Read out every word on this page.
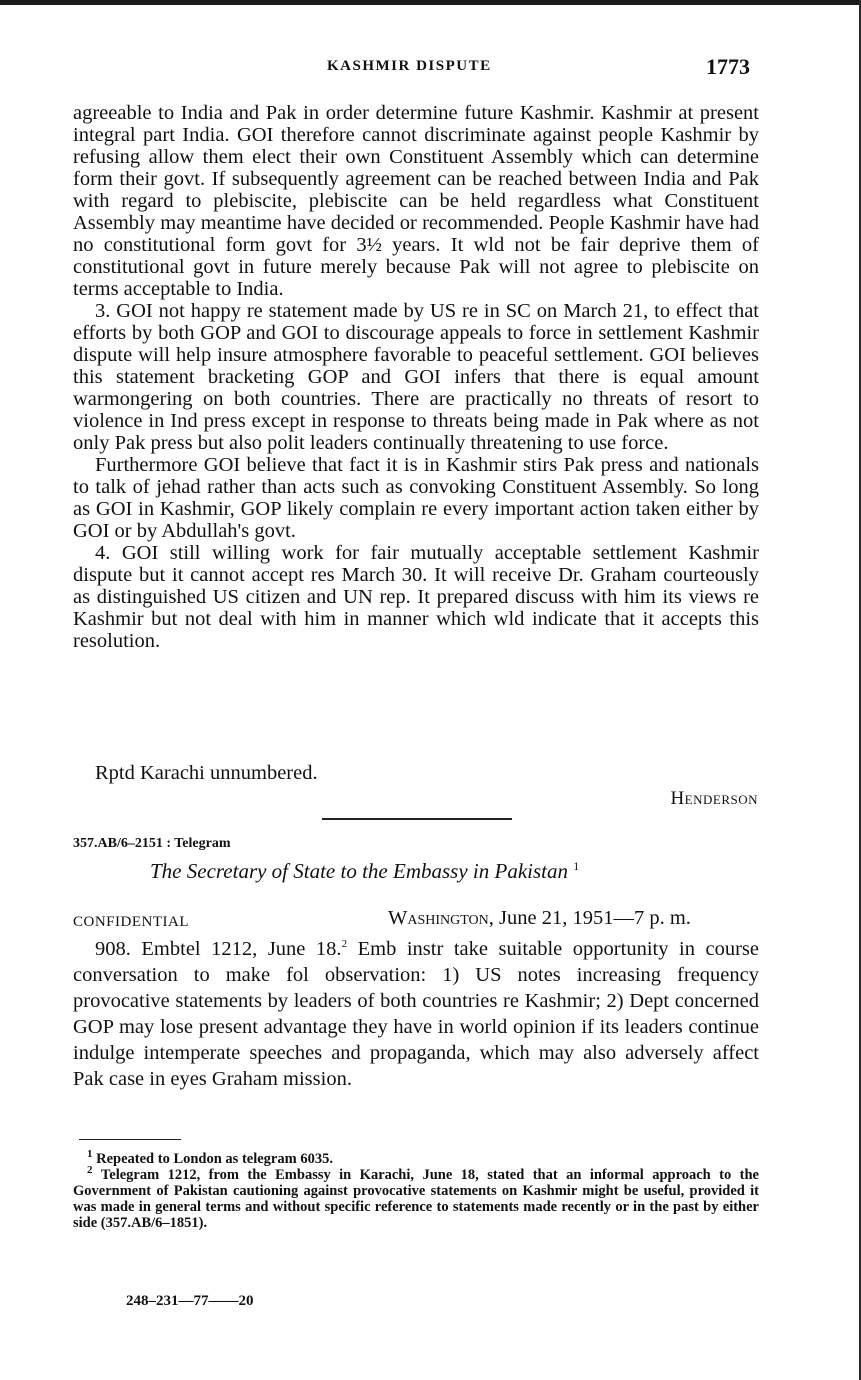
KASHMIR DISPUTE	1773

agreeable to India and Pak in order determine future Kashmir. Kashmir at present integral part India. GOI therefore cannot discriminate against people Kashmir by refusing allow them elect their own Constituent Assembly which can determine form their govt. If subsequently agreement can be reached between India and Pak with regard to plebiscite, plebiscite can be held regardless what Constituent Assembly may meantime have decided or recommended. People Kashmir have had no constitutional form govt for 3½ years. It wld not be fair deprive them of constitutional govt in future merely because Pak will not agree to plebiscite on terms acceptable to India.

3. GOI not happy re statement made by US re in SC on March 21, to effect that efforts by both GOP and GOI to discourage appeals to force in settlement Kashmir dispute will help insure atmosphere favorable to peaceful settlement. GOI believes this statement bracketing GOP and GOI infers that there is equal amount warmongering on both countries. There are practically no threats of resort to violence in Ind press except in response to threats being made in Pak where as not only Pak press but also polit leaders continually threatening to use force.

Furthermore GOI believe that fact it is in Kashmir stirs Pak press and nationals to talk of jehad rather than acts such as convoking Constituent Assembly. So long as GOI in Kashmir, GOP likely complain re every important action taken either by GOI or by Abdullah's govt.

4. GOI still willing work for fair mutually acceptable settlement Kashmir dispute but it cannot accept res March 30. It will receive Dr. Graham courteously as distinguished US citizen and UN rep. It prepared discuss with him its views re Kashmir but not deal with him in manner which wld indicate that it accepts this resolution.

Rptd Karachi unnumbered.
Henderson
357.AB/6–2151 : Telegram
The Secretary of State to the Embassy in Pakistan $^1$
CONFIDENTIAL	Washington, June 21, 1951—7 p. m.

908. Embtel 1212, June 18.$^2$ Emb instr take suitable opportunity in course conversation to make fol observation: 1) US notes increasing frequency provocative statements by leaders of both countries re Kashmir; 2) Dept concerned GOP may lose present advantage they have in world opinion if its leaders continue indulge intemperate speeches and propaganda, which may also adversely affect Pak case in eyes Graham mission.

$^1$ Repeated to London as telegram 6035.

$^2$ Telegram 1212, from the Embassy in Karachi, June 18, stated that an informal approach to the Government of Pakistan cautioning against provocative statements on Kashmir might be useful, provided it was made in general terms and without specific reference to statements made recently or in the past by either side (357.AB/6–1851).

248–231—77——20
